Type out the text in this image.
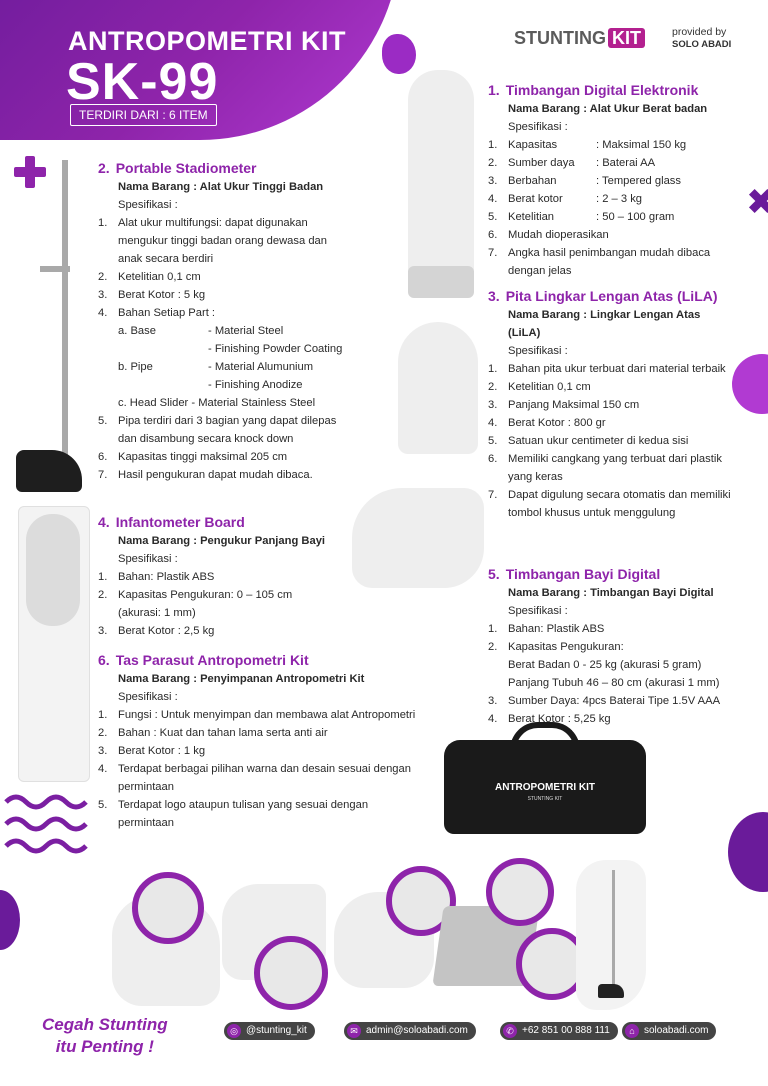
ANTROPOMETRI KIT
SK-99
TERDIRI DARI : 6 ITEM
STUNTING KIT	provided by
SOLO ABADI
ANTROPOMETRI KIT
STUNTING KIT
1. Timbangan Digital Elektronik
Nama Barang : Alat Ukur Berat badan
Spesifikasi :
1. Kapasitas	: Maksimal 150 kg
2. Sumber daya	: Baterai AA
3. Berbahan	: Tempered glass
4. Berat kotor	: 2 – 3 kg
5. Ketelitian	: 50 – 100 gram
6. Mudah dioperasikan
7. Angka hasil penimbangan mudah dibaca dengan jelas
2. Portable Stadiometer
Nama Barang : Alat Ukur Tinggi Badan
Spesifikasi :
1. Alat ukur multifungsi: dapat digunakan mengukur tinggi badan orang dewasa dan anak secara berdiri
2. Ketelitian 0,1 cm
3. Berat Kotor : 5 kg
4. Bahan Setiap Part :
a. Base	- Material Steel
- Finishing Powder Coating
b. Pipe	- Material Alumunium
- Finishing Anodize
c. Head Slider - Material Stainless Steel
5. Pipa terdiri dari 3 bagian yang dapat dilepas dan disambung secara knock down
6. Kapasitas tinggi maksimal 205 cm
7. Hasil pengukuran dapat mudah dibaca.
3. Pita Lingkar Lengan Atas (LiLA)
Nama Barang : Lingkar Lengan Atas (LiLA)
Spesifikasi :
1. Bahan pita ukur terbuat dari material terbaik
2. Ketelitian 0,1 cm
3. Panjang Maksimal 150 cm
4. Berat Kotor : 800 gr
5. Satuan ukur centimeter di kedua sisi
6. Memiliki cangkang yang terbuat dari plastik yang keras
7. Dapat digulung secara otomatis dan memiliki tombol khusus untuk menggulung
4. Infantometer Board
Nama Barang : Pengukur Panjang Bayi
Spesifikasi :
1. Bahan: Plastik ABS
2. Kapasitas Pengukuran: 0 – 105 cm (akurasi: 1 mm)
3. Berat Kotor : 2,5 kg
5. Timbangan Bayi Digital
Nama Barang : Timbangan Bayi Digital
Spesifikasi :
1. Bahan: Plastik ABS
2. Kapasitas Pengukuran:
Berat Badan 0 - 25 kg (akurasi 5 gram)
Panjang Tubuh 46 – 80 cm (akurasi 1 mm)
3. Sumber Daya: 4pcs Baterai Tipe 1.5V AAA
4. Berat Kotor : 5,25 kg
6. Tas Parasut Antropometri Kit
Nama Barang : Penyimpanan Antropometri Kit
Spesifikasi :
1. Fungsi : Untuk menyimpan dan membawa alat Antropometri
2. Bahan : Kuat dan tahan lama serta anti air
3. Berat Kotor : 1 kg
4. Terdapat berbagai pilihan warna dan desain sesuai dengan permintaan
5. Terdapat logo ataupun tulisan yang sesuai dengan permintaan
Cegah Stunting
itu Penting !
◎ @stunting_kit	✉ admin@soloabadi.com	✆ +62 851 00 888 111	⌂ soloabadi.com
